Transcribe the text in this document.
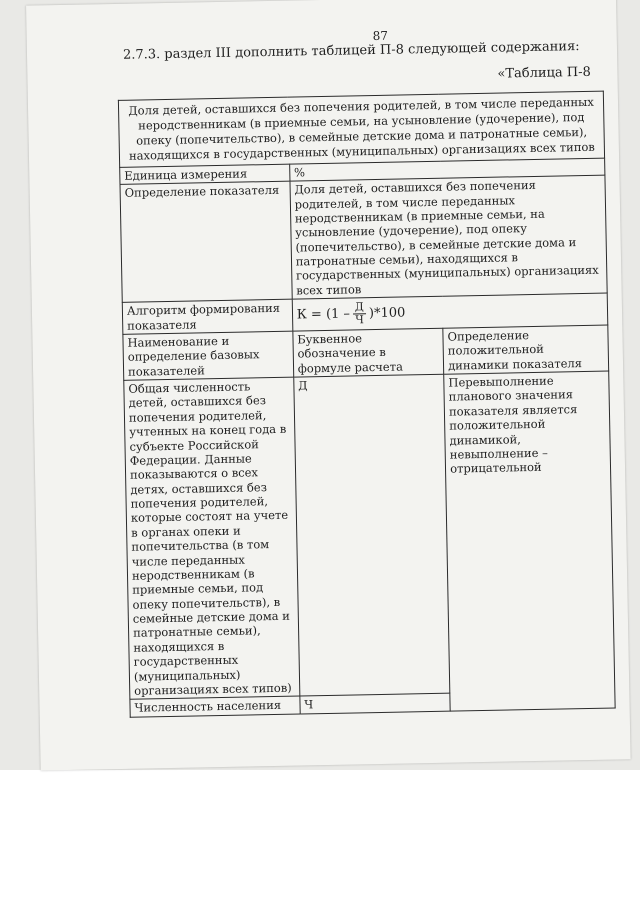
87
2.7.3. раздел III дополнить таблицей П-8 следующей содержания:
«Таблица П-8
Доля детей, оставшихся без попечения родителей, в том числе переданных неродственникам (в приемные семьи, на усыновление (удочерение), под опеку (попечительство), в семейные детские дома и патронатные семьи), находящихся в государственных (муниципальных) организациях всех типов		
Единица измерения	%	
Определение показателя	Доля детей, оставшихся без попечения родителей, в том числе переданных неродственникам (в приемные семьи, на усыновление (удочерение), под опеку (попечительство), в семейные детские дома и патронатные семьи), находящихся в государственных (муниципальных) организациях всех типов	
Алгоритм формирования показателя	$К = (1 - \frac{Д}{Ч} )*100$	

Наименование и определение базовых показателей	Буквенное обозначение в формуле расчета	Определение положительной динамики показателя
Общая численность детей, оставшихся без попечения родителей, учтенных на конец года в субъекте Российской Федерации. Данные показываются о всех детях, оставшихся без попечения родителей, которые состоят на учете в органах опеки и попечительства (в том числе переданных неродственникам (в приемные семьи, под опеку попечительств), в семейные детские дома и патронатные семьи), находящихся в государственных (муниципальных) организациях всех типов)	Д	Перевыполнение планового значения показателя является положительной динамикой, невыполнение – отрицательной
Численность населения	Ч	
